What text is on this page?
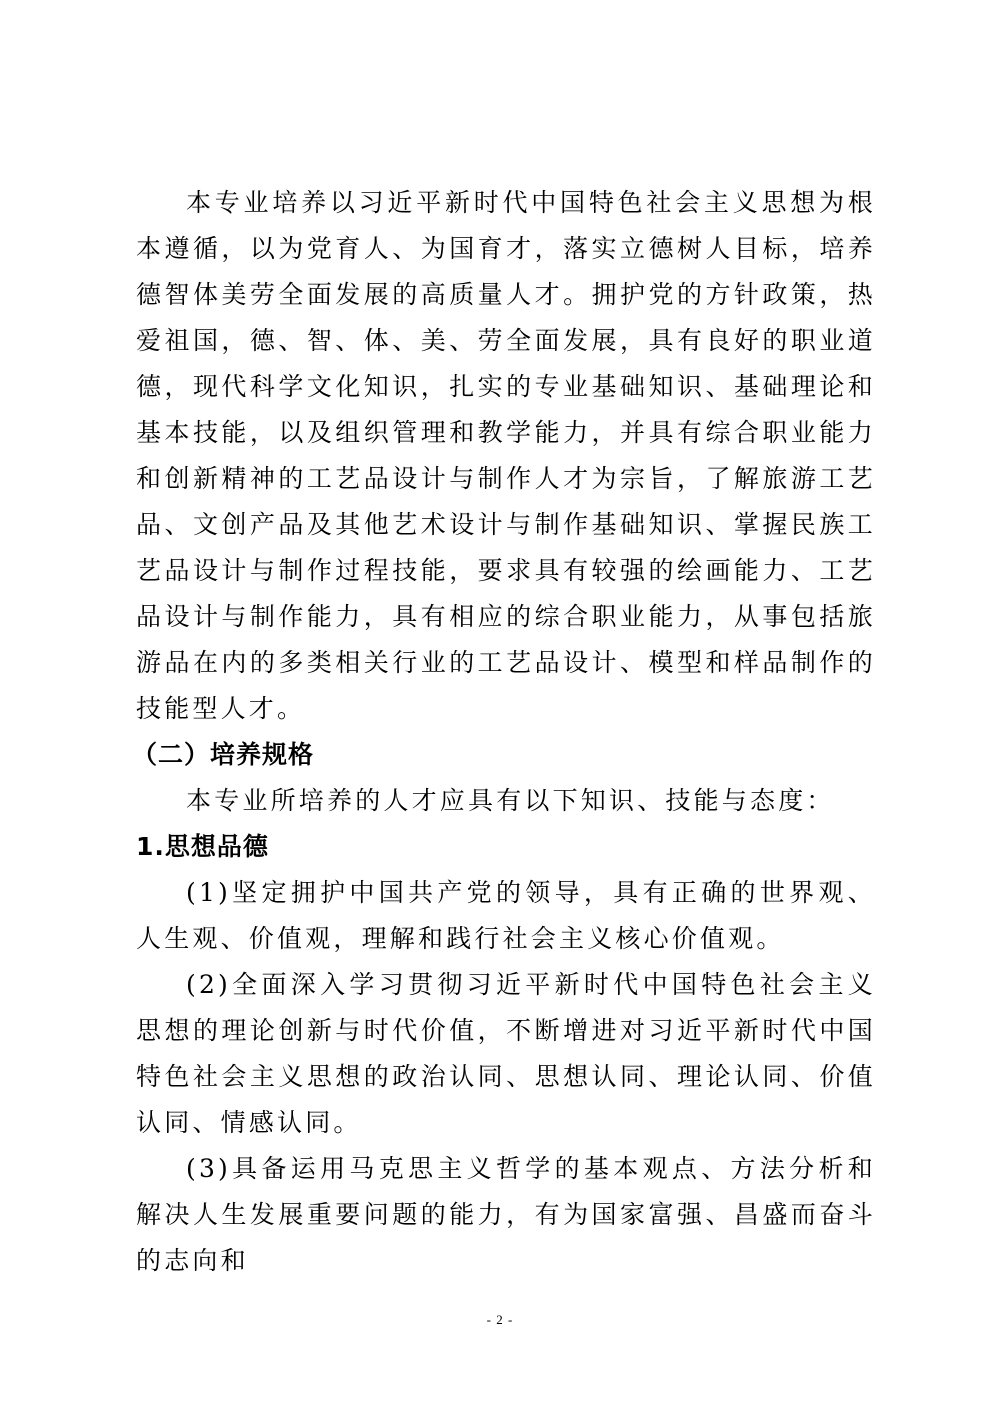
本专业培养以习近平新时代中国特色社会主义思想为根本遵循，以为党育人、为国育才，落实立德树人目标，培养德智体美劳全面发展的高质量人才。拥护党的方针政策，热爱祖国，德、智、体、美、劳全面发展，具有良好的职业道德，现代科学文化知识，扎实的专业基础知识、基础理论和基本技能，以及组织管理和教学能力，并具有综合职业能力和创新精神的工艺品设计与制作人才为宗旨，了解旅游工艺品、文创产品及其他艺术设计与制作基础知识、掌握民族工艺品设计与制作过程技能，要求具有较强的绘画能力、工艺品设计与制作能力，具有相应的综合职业能力，从事包括旅游品在内的多类相关行业的工艺品设计、模型和样品制作的技能型人才。

（二）培养规格

本专业所培养的人才应具有以下知识、技能与态度：

1.思想品德

(1)坚定拥护中国共产党的领导，具有正确的世界观、人生观、价值观，理解和践行社会主义核心价值观。

(2)全面深入学习贯彻习近平新时代中国特色社会主义思想的理论创新与时代价值，不断增进对习近平新时代中国特色社会主义思想的政治认同、思想认同、理论认同、价值认同、情感认同。

(3)具备运用马克思主义哲学的基本观点、方法分析和解决人生发展重要问题的能力，有为国家富强、昌盛而奋斗的志向和

- 2 -
